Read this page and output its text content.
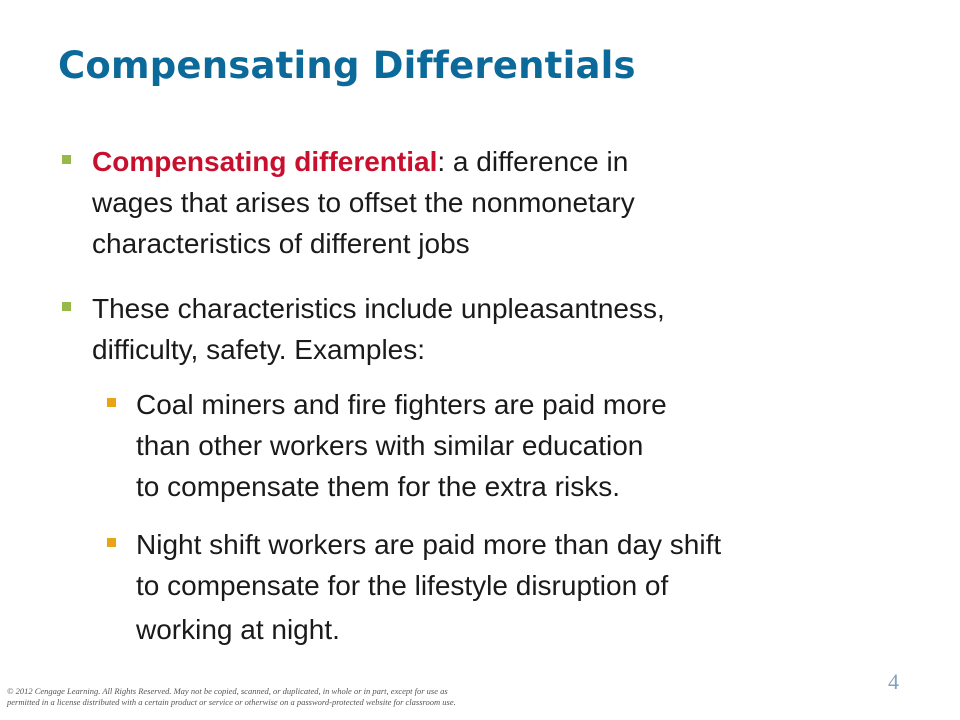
Compensating Differentials
Compensating differential: a difference in
wages that arises to offset the nonmonetary
characteristics of different jobs
These characteristics include unpleasantness,
difficulty, safety. Examples:
Coal miners and fire fighters are paid more
than other workers with similar education
to compensate them for the extra risks.
Night shift workers are paid more than day shift
to compensate for the lifestyle disruption of
working at night.
© 2012 Cengage Learning. All Rights Reserved. May not be copied, scanned, or duplicated, in whole or in part, except for use as
permitted in a license distributed with a certain product or service or otherwise on a password-protected website for classroom use.
4
